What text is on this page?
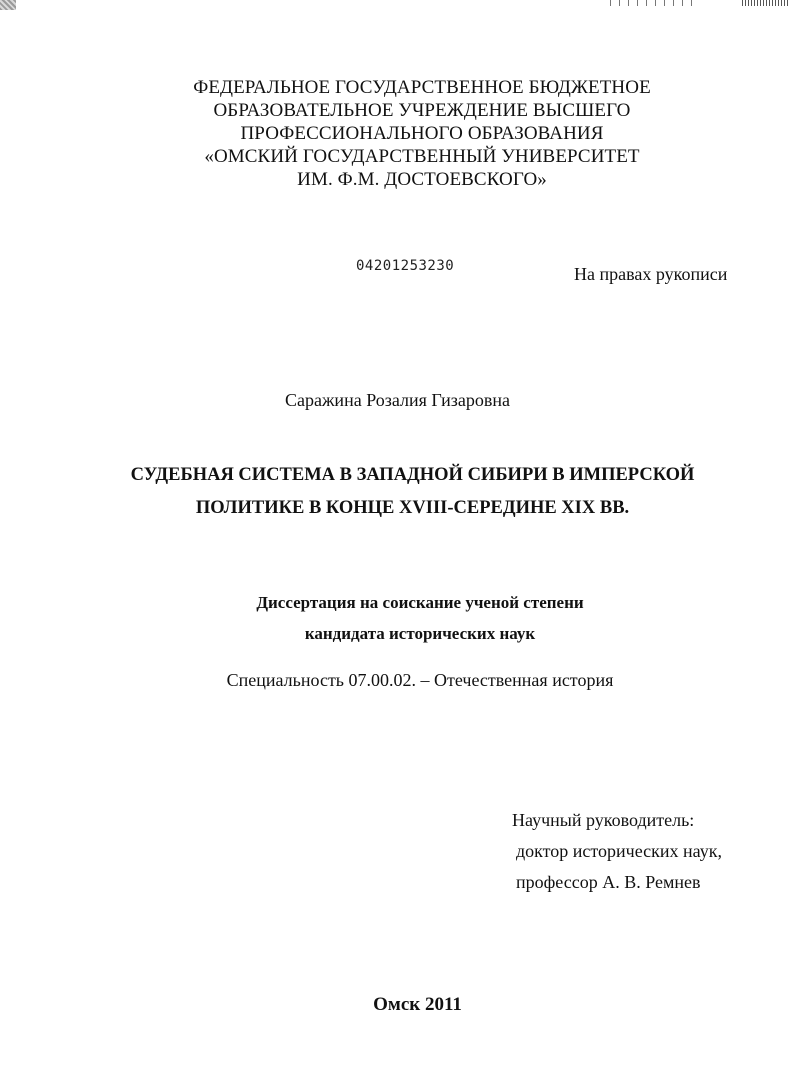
ФЕДЕРАЛЬНОЕ ГОСУДАРСТВЕННОЕ БЮДЖЕТНОЕ
ОБРАЗОВАТЕЛЬНОЕ УЧРЕЖДЕНИЕ ВЫСШЕГО
ПРОФЕССИОНАЛЬНОГО ОБРАЗОВАНИЯ
«ОМСКИЙ ГОСУДАРСТВЕННЫЙ УНИВЕРСИТЕТ
ИМ. Ф.М. ДОСТОЕВСКОГО»
04201253230	На правах рукописи
Саражина Розалия Гизаровна
СУДЕБНАЯ СИСТЕМА В ЗАПАДНОЙ СИБИРИ В ИМПЕРСКОЙ
ПОЛИТИКЕ В КОНЦЕ XVIII-СЕРЕДИНЕ XIX ВВ.
Диссертация на соискание ученой степени
кандидата исторических наук
Специальность 07.00.02. – Отечественная история
Научный руководитель:
доктор исторических наук,
профессор А. В. Ремнев
Омск 2011
